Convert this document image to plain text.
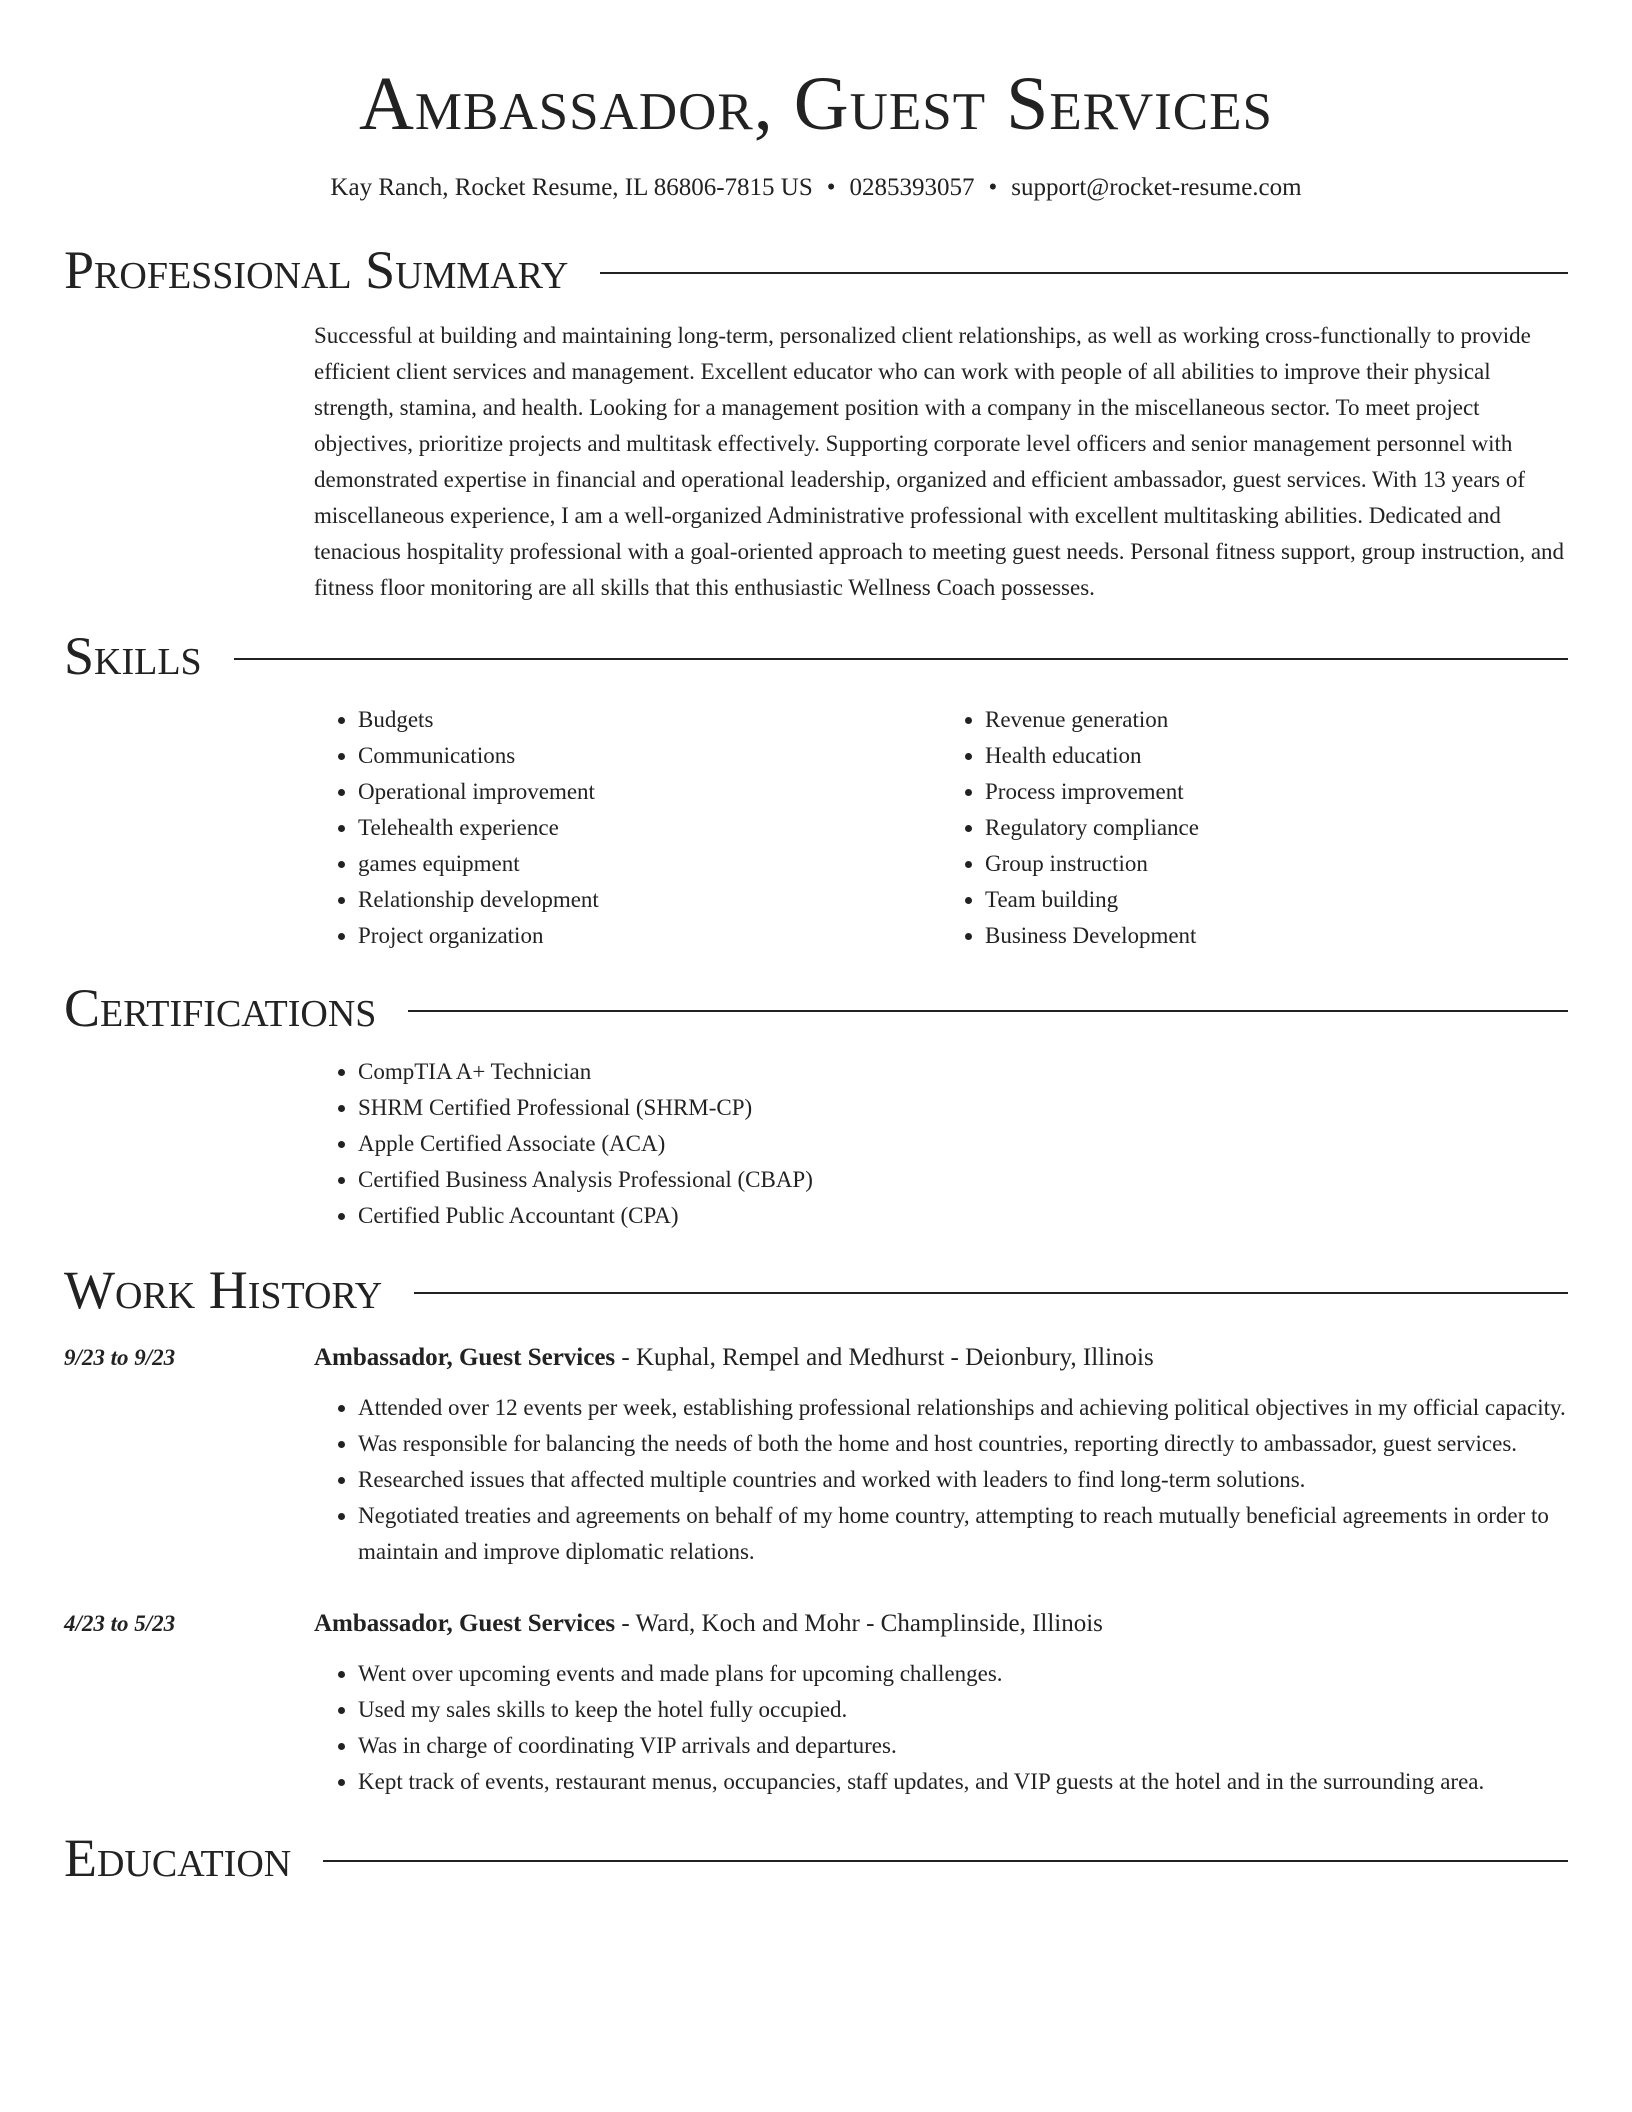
Ambassador, Guest Services
Kay Ranch, Rocket Resume, IL 86806-7815 US • 0285393057 • support@rocket-resume.com
Professional Summary

Successful at building and maintaining long-term, personalized client relationships, as well as working cross-functionally to provide efficient client services and management. Excellent educator who can work with people of all abilities to improve their physical strength, stamina, and health. Looking for a management position with a company in the miscellaneous sector. To meet project objectives, prioritize projects and multitask effectively. Supporting corporate level officers and senior management personnel with demonstrated expertise in financial and operational leadership, organized and efficient ambassador, guest services. With 13 years of miscellaneous experience, I am a well-organized Administrative professional with excellent multitasking abilities. Dedicated and tenacious hospitality professional with a goal-oriented approach to meeting guest needs. Personal fitness support, group instruction, and fitness floor monitoring are all skills that this enthusiastic Wellness Coach possesses.

Skills
• Budgets
• Communications
• Operational improvement
• Telehealth experience
• games equipment
• Relationship development
• Project organization
• Revenue generation
• Health education
• Process improvement
• Regulatory compliance
• Group instruction
• Team building
• Business Development
Certifications
• CompTIA A+ Technician
• SHRM Certified Professional (SHRM-CP)
• Apple Certified Associate (ACA)
• Certified Business Analysis Professional (CBAP)
• Certified Public Accountant (CPA)
Work History
9/23 to 9/23	Ambassador, Guest Services - Kuphal, Rempel and Medhurst - Deionbury, Illinois
• Attended over 12 events per week, establishing professional relationships and achieving political objectives in my official capacity.
• Was responsible for balancing the needs of both the home and host countries, reporting directly to ambassador, guest services.
• Researched issues that affected multiple countries and worked with leaders to find long-term solutions.
• Negotiated treaties and agreements on behalf of my home country, attempting to reach mutually beneficial agreements in order to maintain and improve diplomatic relations.
4/23 to 5/23	Ambassador, Guest Services - Ward, Koch and Mohr - Champlinside, Illinois
• Went over upcoming events and made plans for upcoming challenges.
• Used my sales skills to keep the hotel fully occupied.
• Was in charge of coordinating VIP arrivals and departures.
• Kept track of events, restaurant menus, occupancies, staff updates, and VIP guests at the hotel and in the surrounding area.
Education
